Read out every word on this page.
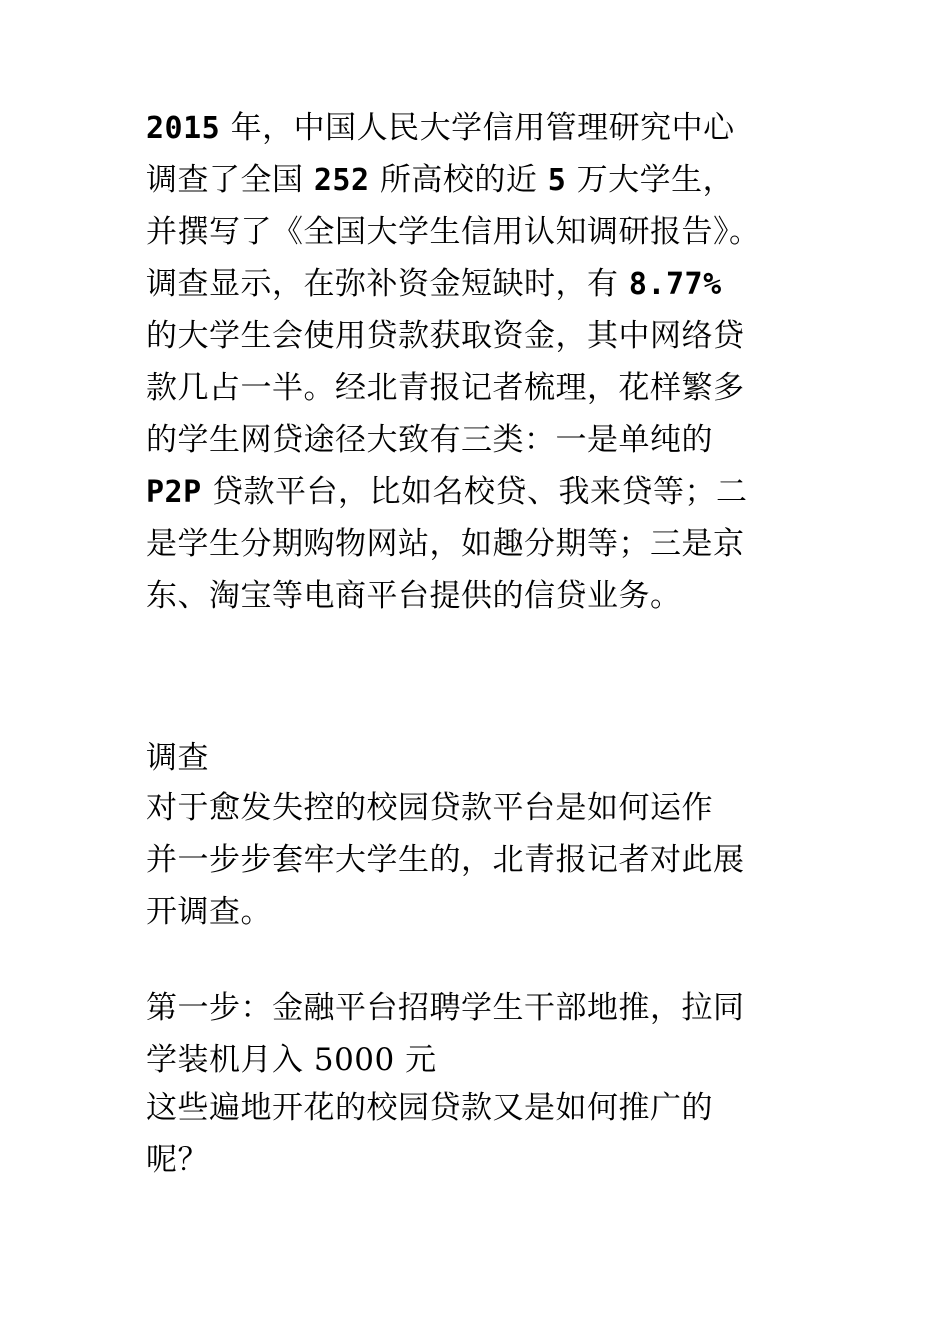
2015 年，中国人民大学信用管理研究中心
调查了全国 252 所高校的近 5 万大学生，
并撰写了《全国大学生信用认知调研报告》。
调查显示，在弥补资金短缺时，有 8.77%
的大学生会使用贷款获取资金，其中网络贷
款几占一半。经北青报记者梳理，花样繁多
的学生网贷途径大致有三类：一是单纯的
P2P 贷款平台，比如名校贷、我来贷等；二
是学生分期购物网站，如趣分期等；三是京
东、淘宝等电商平台提供的信贷业务。
调查
对于愈发失控的校园贷款平台是如何运作
并一步步套牢大学生的，北青报记者对此展
开调查。
第一步：金融平台招聘学生干部地推，拉同
学装机月入 5000 元
这些遍地开花的校园贷款又是如何推广的
呢？
